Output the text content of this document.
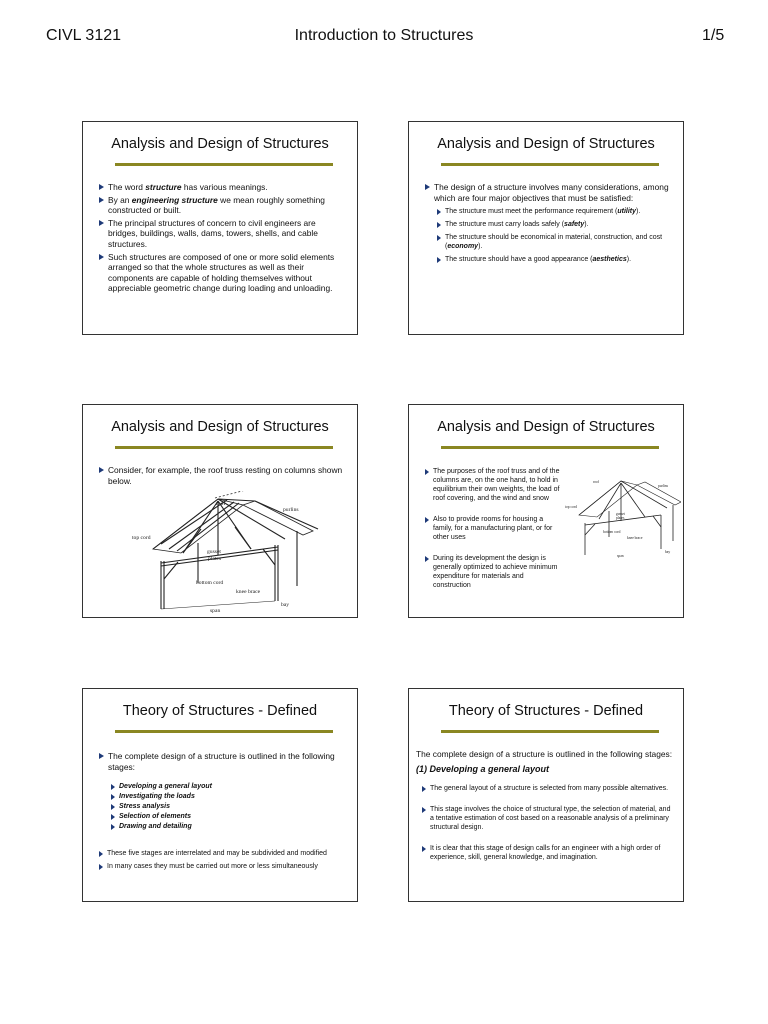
CIVL 3121	Introduction to Structures	1/5
Analysis and Design of Structures
The word structure has various meanings.
By an engineering structure we mean roughly something constructed or built.
The principal structures of concern to civil engineers are bridges, buildings, walls, dams, towers, shells, and cable structures.
Such structures are composed of one or more solid elements arranged so that the whole structures as well as their components are capable of holding themselves without appreciable geometric change during loading and unloading.
Analysis and Design of Structures
The design of a structure involves many considerations, among which are four major objectives that must be satisfied:
The structure must meet the performance requirement (utility).
The structure must carry loads safely (safety).
The structure should be economical in material, construction, and cost (economy).
The structure should have a good appearance (aesthetics).
Analysis and Design of Structures
Consider, for example, the roof truss resting on columns shown below.
roof
purlins
top cord
gusset
plates
bottom cord
knee brace
bay
span
Analysis and Design of Structures
The purposes of the roof truss and of the columns are, on the one hand, to hold in equilibrium their own weights, the load of roof covering, and the wind and snow
Also to provide rooms for housing a family, for a manufacturing plant, or for other uses
During its development the design is generally optimized to achieve minimum expenditure for materials and construction
roof
purlins
top cord
gusset
plates
bottom cord
knee brace
bay
span
Theory of Structures - Defined
The complete design of a structure is outlined in the following stages:
Developing a general layout
Investigating the loads
Stress analysis
Selection of elements
Drawing and detailing
These five stages are interrelated and may be subdivided and modified
In many cases they must be carried out more or less simultaneously
Theory of Structures - Defined
The complete design of a structure is outlined in the following stages:
(1) Developing a general layout
The general layout of a structure is selected from many possible alternatives.
This stage involves the choice of structural type, the selection of material, and a tentative estimation of cost based on a reasonable analysis of a preliminary structural design.
It is clear that this stage of design calls for an engineer with a high order of experience, skill, general knowledge, and imagination.
